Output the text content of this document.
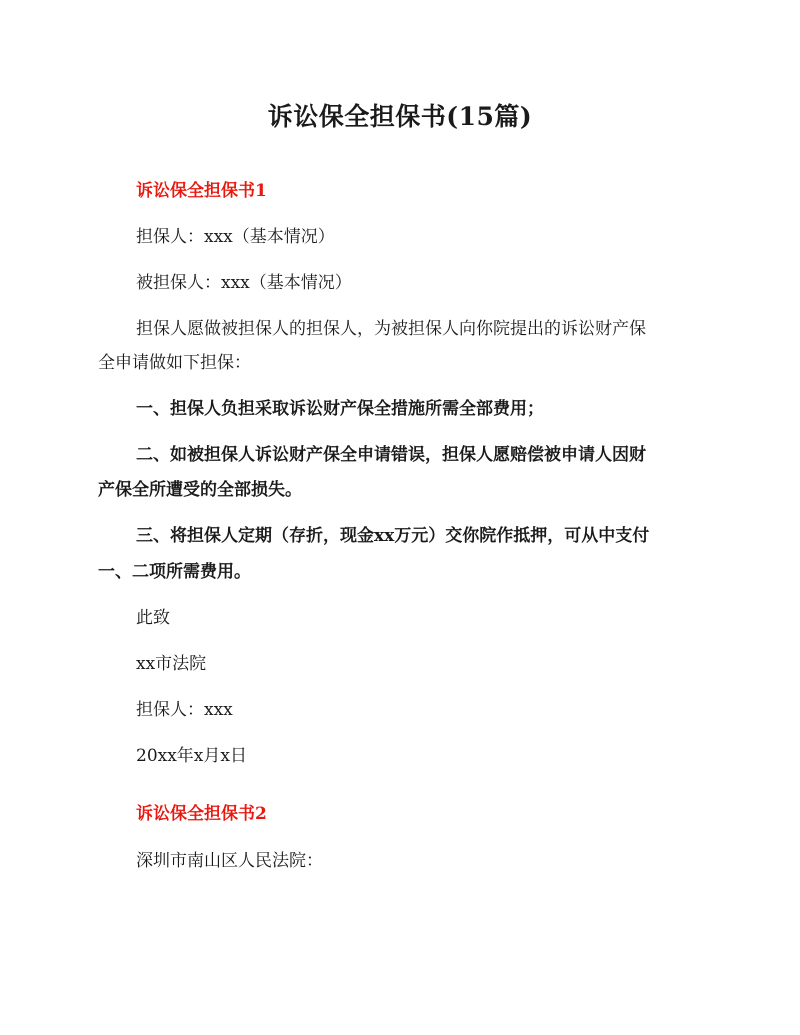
诉讼保全担保书(15篇)
诉讼保全担保书1
担保人：xxx（基本情况）
被担保人：xxx（基本情况）
担保人愿做被担保人的担保人，为被担保人向你院提出的诉讼财产保
全申请做如下担保：
一、担保人负担采取诉讼财产保全措施所需全部费用；
二、如被担保人诉讼财产保全申请错误，担保人愿赔偿被申请人因财
产保全所遭受的全部损失。
三、将担保人定期（存折，现金xx万元）交你院作抵押，可从中支付
一、二项所需费用。
此致
xx市法院
担保人：xxx
20xx年x月x日
诉讼保全担保书2
深圳市南山区人民法院：
